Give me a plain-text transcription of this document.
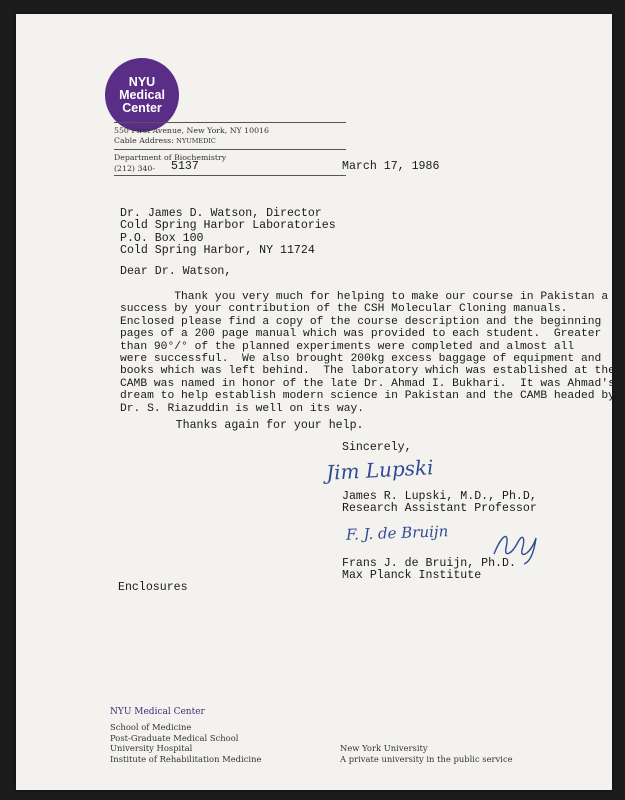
NYU
Medical
Center
550 First Avenue, New York, NY 10016
Cable Address: NYUMEDIC
Department of Biochemistry
(212) 340- 5137	March 17, 1986
Dr. James D. Watson, Director
Cold Spring Harbor Laboratories
P.O. Box 100
Cold Spring Harbor, NY 11724
Dear Dr. Watson,
Thank you very much for helping to make our course in Pakistan a
success by your contribution of the CSH Molecular Cloning manuals.
Enclosed please find a copy of the course description and the beginning
pages of a 200 page manual which was provided to each student.  Greater
than 90°/° of the planned experiments were completed and almost all
were successful.  We also brought 200kg excess baggage of equipment and
books which was left behind.  The laboratory which was established at the
CAMB was named in honor of the late Dr. Ahmad I. Bukhari.  It was Ahmad's
dream to help establish modern science in Pakistan and the CAMB headed by
Dr. S. Riazuddin is well on its way.
Thanks again for your help.
Sincerely,
Jim Lupski
James R. Lupski, M.D., Ph.D,
Research Assistant Professor
F. J. de Bruijn
Frans J. de Bruijn, Ph.D.
Max Planck Institute
Enclosures
NYU Medical Center
School of Medicine
Post-Graduate Medical School
University Hospital
Institute of Rehabilitation Medicine
New York University
A private university in the public service
